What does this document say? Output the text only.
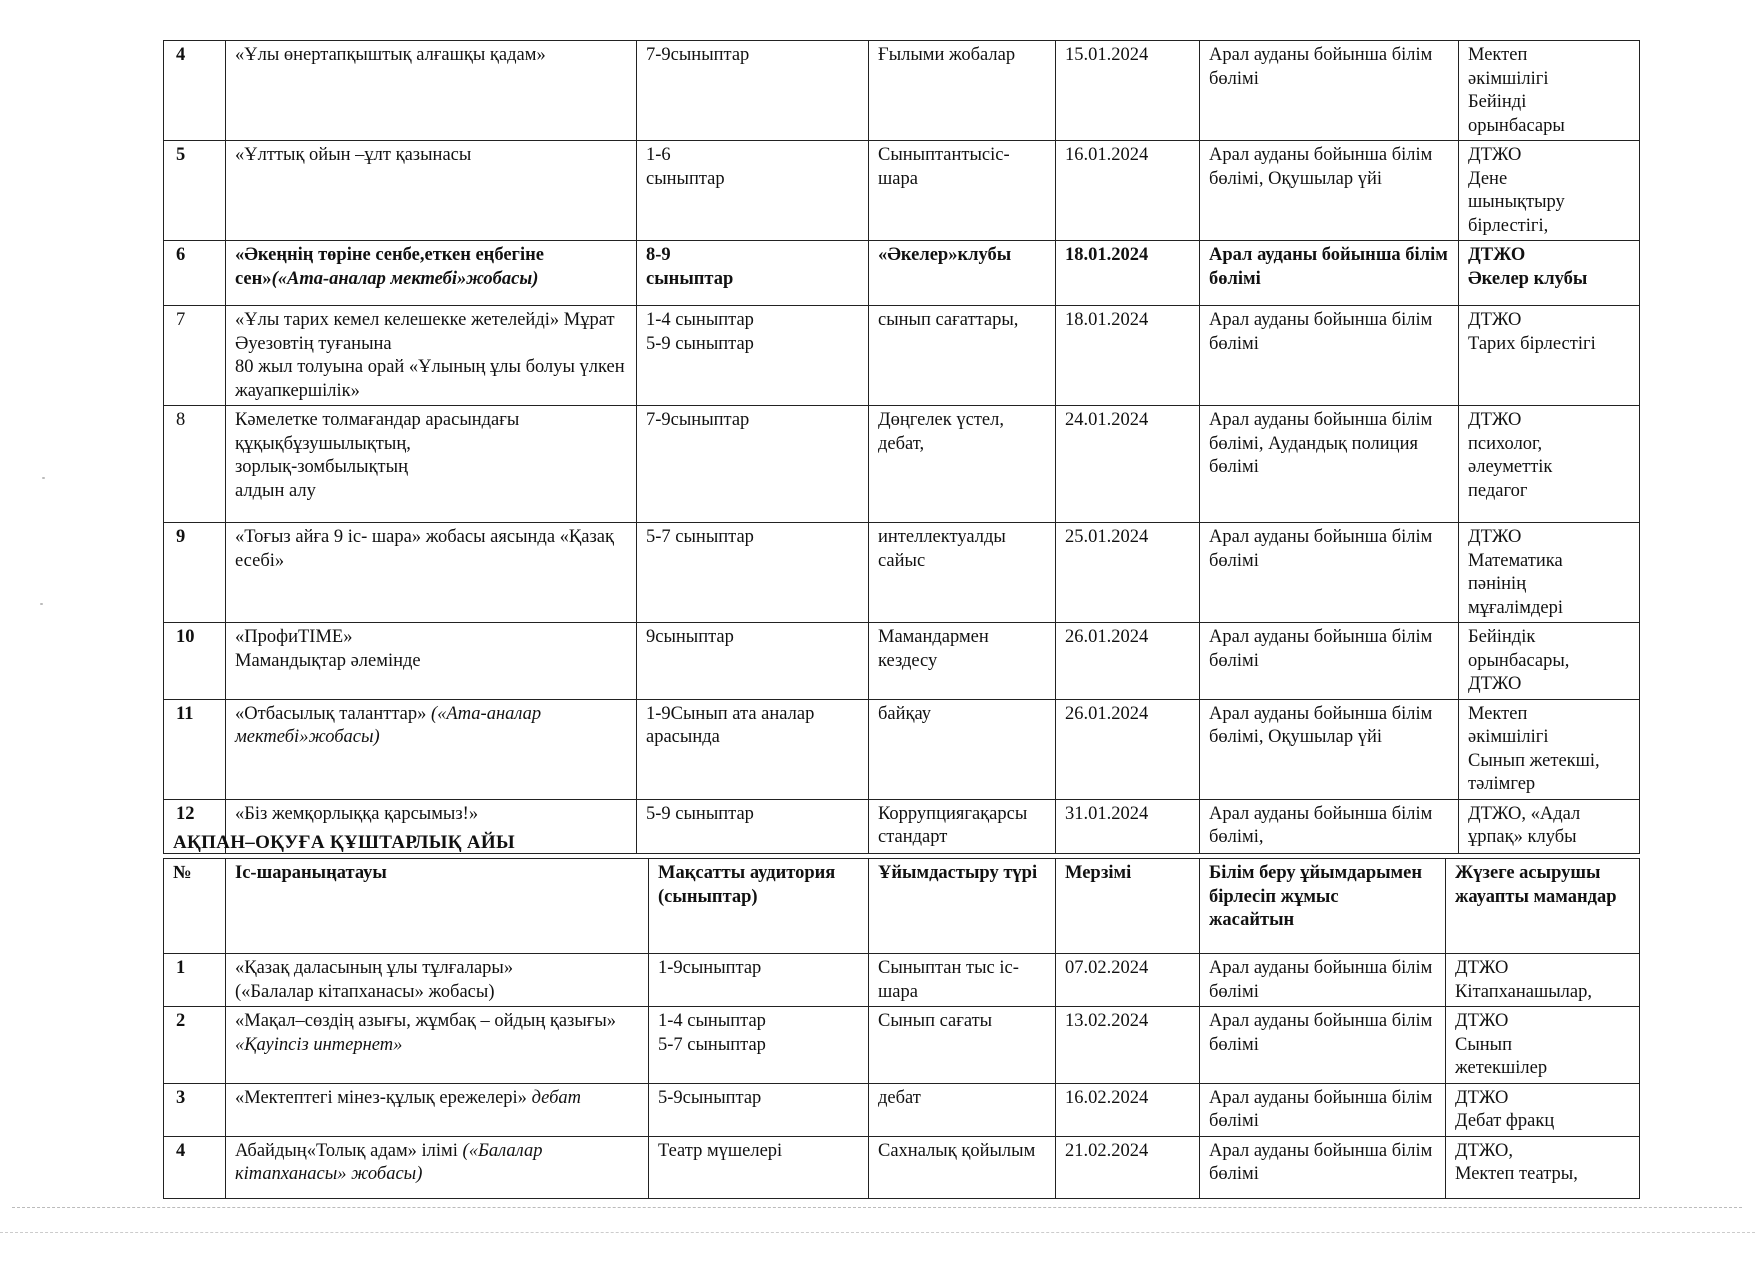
4	«Ұлы өнертапқыштық алғашқы қадам»	7-9сыныптар	Ғылыми жобалар	15.01.2024	Арал ауданы бойынша білім бөлімі	Мектеп
әкімшілігі
Бейінді
орынбасары
5	«Ұлттық ойын –ұлт қазынасы	1-6
сыныптар	Сыныптантысіс-шара	16.01.2024	Арал ауданы бойынша білім бөлімі, Оқушылар үйі	ДТЖО
Дене
шынықтыру
бірлестігі,
6	«Әкеңнің төріне сенбе,еткен еңбегіне сен»(«Ата-аналар мектебі»жобасы)	8-9
сыныптар	«Әкелер»клубы	18.01.2024	Арал ауданы бойынша білім бөлімі	ДТЖО
Әкелер клубы
7	«Ұлы тарих кемел келешекке жетелейді» Мұрат Әуезовтің туғанына
80 жыл толуына орай «Ұлының ұлы болуы үлкен жауапкершілік»	1-4 сыныптар
5-9 сыныптар	сынып сағаттары,	18.01.2024	Арал ауданы бойынша білім бөлімі	ДТЖО
Тарих бірлестігі
8	Кәмелетке толмағандар арасындағы
құқықбұзушылықтың,
зорлық-зомбылықтың
алдын алу	7-9сыныптар	Дөңгелек үстел, дебат,	24.01.2024	Арал ауданы бойынша білім бөлімі, Аудандық полиция бөлімі	ДТЖО
психолог,
әлеуметтік
педагог
9	«Тоғыз айға 9 іс- шара» жобасы аясында «Қазақ есебі»	5-7 сыныптар	интеллектуалды сайыс	25.01.2024	Арал ауданы бойынша білім бөлімі	ДТЖО
Математика
пәнінің
мұғалімдері
10	«ПрофиТIME»
Мамандықтар әлемінде	9сыныптар	Мамандармен кездесу	26.01.2024	Арал ауданы бойынша білім бөлімі	Бейіндік
орынбасары,
ДТЖО
11	«Отбасылық таланттар» («Ата-аналар мектебі»жобасы)	1-9Сынып ата аналар арасында	байқау	26.01.2024	Арал ауданы бойынша білім бөлімі, Оқушылар үйі	Мектеп
әкімшілігі
Сынып жетекші,
тәлімгер
12	«Біз жемқорлыққа қарсымыз!»	5-9 сыныптар	Коррупциягақарсы стандарт	31.01.2024	Арал ауданы бойынша білім бөлімі,	ДТЖО, «Адал ұрпақ» клубы
АҚПАН–ОҚУҒА ҚҰШТАРЛЫҚ АЙЫ
№	Іс-шараныңатауы	Мақсатты аудитория (сыныптар)	Ұйымдастыру түрі	Мерзімі	Білім беру ұйымдарымен бірлесіп жұмыс
жасайтын	Жүзеге асырушы жауапты мамандар
1	«Қазақ даласының ұлы тұлғалары»
(«Балалар кітапханасы» жобасы)	1-9сыныптар	Сыныптан тыс іс-шара	07.02.2024	Арал ауданы бойынша білім бөлімі	ДТЖО
Кітапханашылар,
2	«Мақал–сөздің азығы, жұмбақ – ойдың қазығы» «Қауіпсіз интернет»	1-4 сыныптар
5-7 сыныптар	Сынып сағаты	13.02.2024	Арал ауданы бойынша білім бөлімі	ДТЖО
Сынып
жетекшілер
3	«Мектептегі мінез-құлық ережелері» дебат	5-9сыныптар	дебат	16.02.2024	Арал ауданы бойынша білім бөлімі	ДТЖО
Дебат фракц
4	Абайдың«Толық адам» ілімі («Балалар кітапханасы» жобасы)	Театр мүшелері	Сахналық қойылым	21.02.2024	Арал ауданы бойынша білім бөлімі	ДТЖО,
Мектеп театры,
